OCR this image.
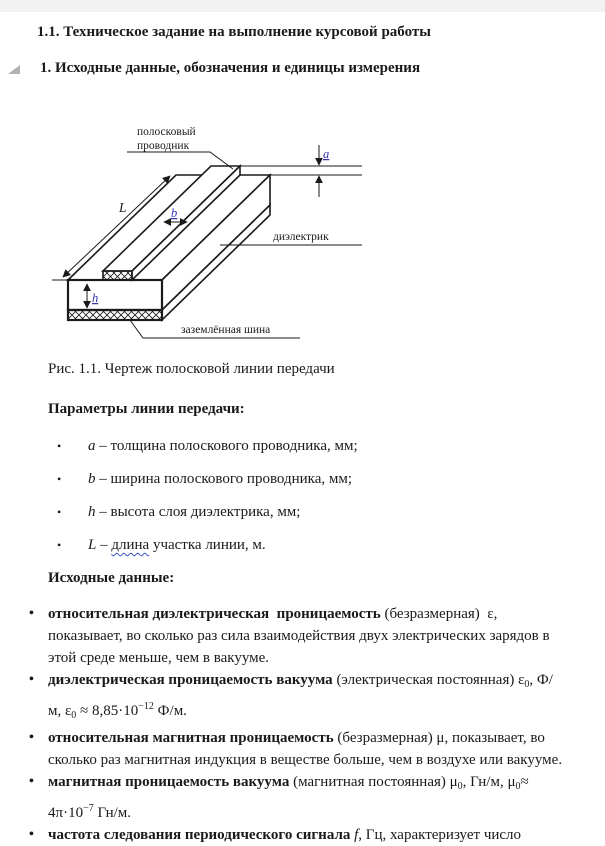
1.1. Техническое задание на выполнение курсовой работы
1. Исходные данные, обозначения и единицы измерения
a
L	b
h
полосковый
проводник
диэлектрик
заземлённая шина
Рис. 1.1. Чертеж полосковой линии передачи
Параметры линии передачи:
• a – толщина полоскового проводника, мм;
• b – ширина полоскового проводника, мм;
• h – высота слоя диэлектрика, мм;
• L – длина участка линии, м.
Исходные данные:
• относительная диэлектрическая  проницаемость (безразмерная)  ε, показывает, во сколько раз сила взаимодействия двух электрических зарядов в этой среде меньше, чем в вакууме.
• диэлектрическая проницаемость вакуума (электрическая постоянная) $\varepsilon_0$, Ф/м, $\varepsilon_0 \approx 8,85\cdot 10^{-12}$ Ф/м.
• относительная магнитная проницаемость (безразмерная) μ, показывает, во сколько раз магнитная индукция в веществе больше, чем в воздухе или вакууме.
• магнитная проницаемость вакуума (магнитная постоянная) $\mu_0$, Гн/м, $\mu_0\approx 4\pi\cdot 10^{-7}$ Гн/м.
• частота следования периодического сигнала f, Гц, характеризует число
